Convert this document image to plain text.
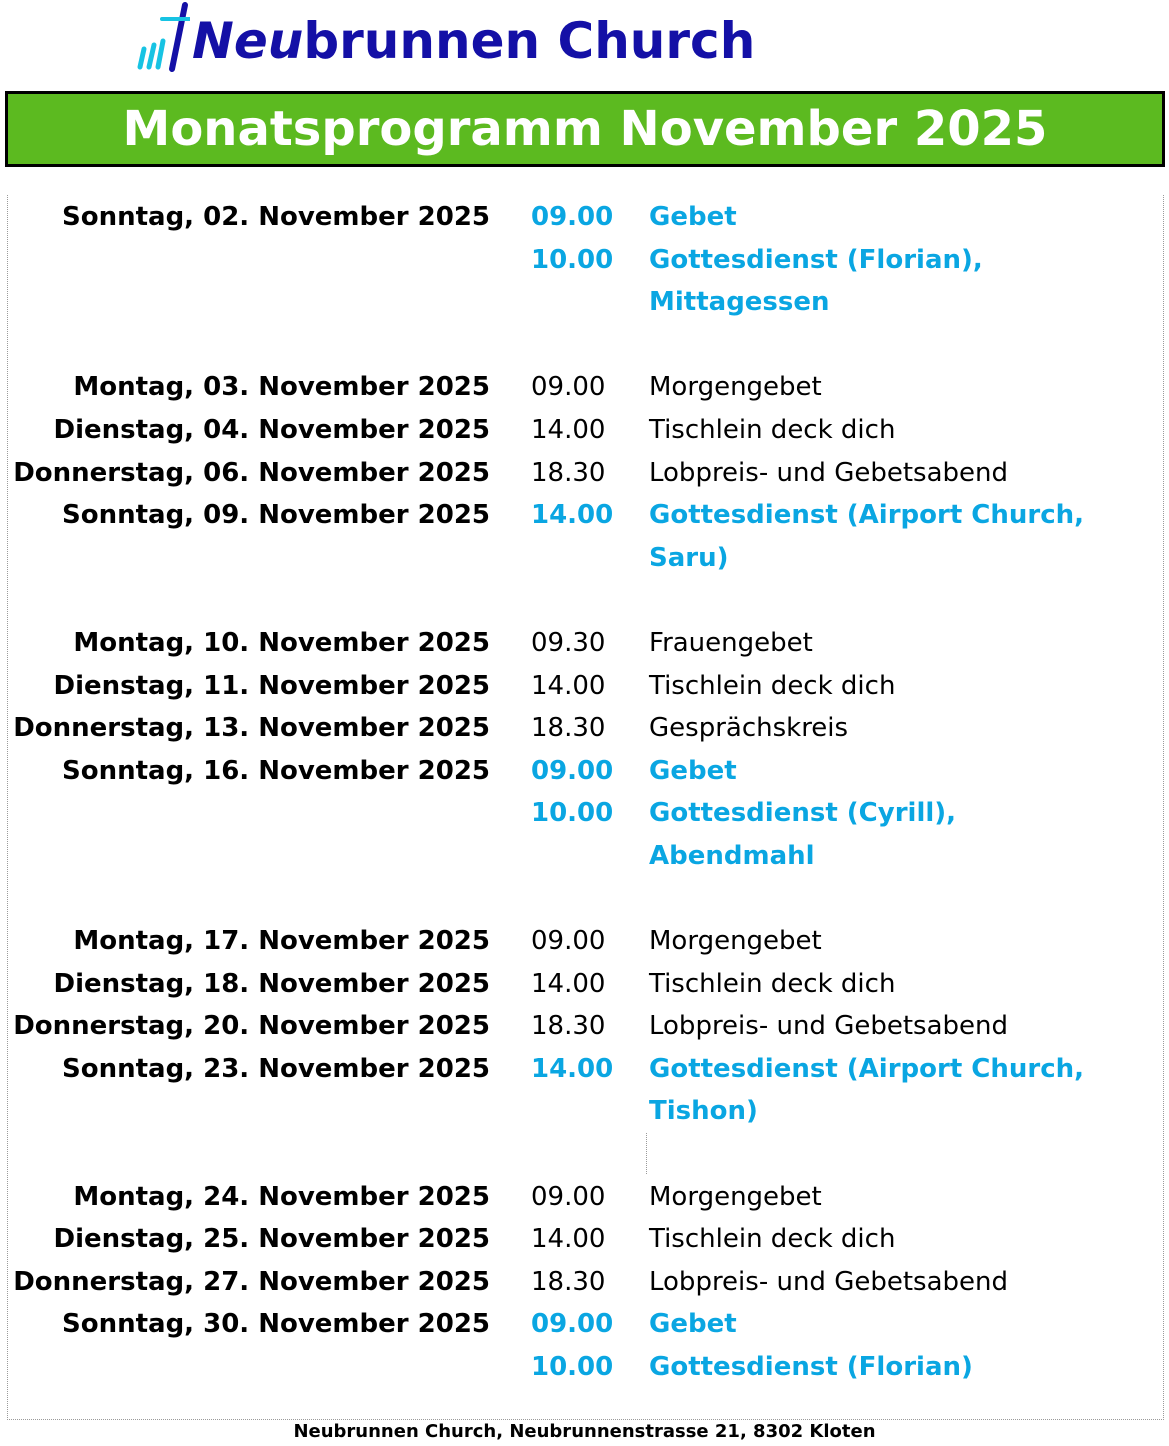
Neubrunnen Church
Monatsprogramm November 2025
Sonntag, 02. November 2025 09.00 Gebet
10.00 Gottesdienst (Florian),
Mittagessen
Montag, 03. November 2025 09.00 Morgengebet
Dienstag, 04. November 2025 14.00 Tischlein deck dich
Donnerstag, 06. November 2025 18.30 Lobpreis- und Gebetsabend
Sonntag, 09. November 2025 14.00 Gottesdienst (Airport Church,
Saru)
Montag, 10. November 2025 09.30 Frauengebet
Dienstag, 11. November 2025 14.00 Tischlein deck dich
Donnerstag, 13. November 2025 18.30 Gesprächskreis
Sonntag, 16. November 2025 09.00 Gebet
10.00 Gottesdienst (Cyrill),
Abendmahl
Montag, 17. November 2025 09.00 Morgengebet
Dienstag, 18. November 2025 14.00 Tischlein deck dich
Donnerstag, 20. November 2025 18.30 Lobpreis- und Gebetsabend
Sonntag, 23. November 2025 14.00 Gottesdienst (Airport Church,
Tishon)
Montag, 24. November 2025 09.00 Morgengebet
Dienstag, 25. November 2025 14.00 Tischlein deck dich
Donnerstag, 27. November 2025 18.30 Lobpreis- und Gebetsabend
Sonntag, 30. November 2025 09.00 Gebet
10.00 Gottesdienst (Florian)
Neubrunnen Church, Neubrunnenstrasse 21, 8302 Kloten
